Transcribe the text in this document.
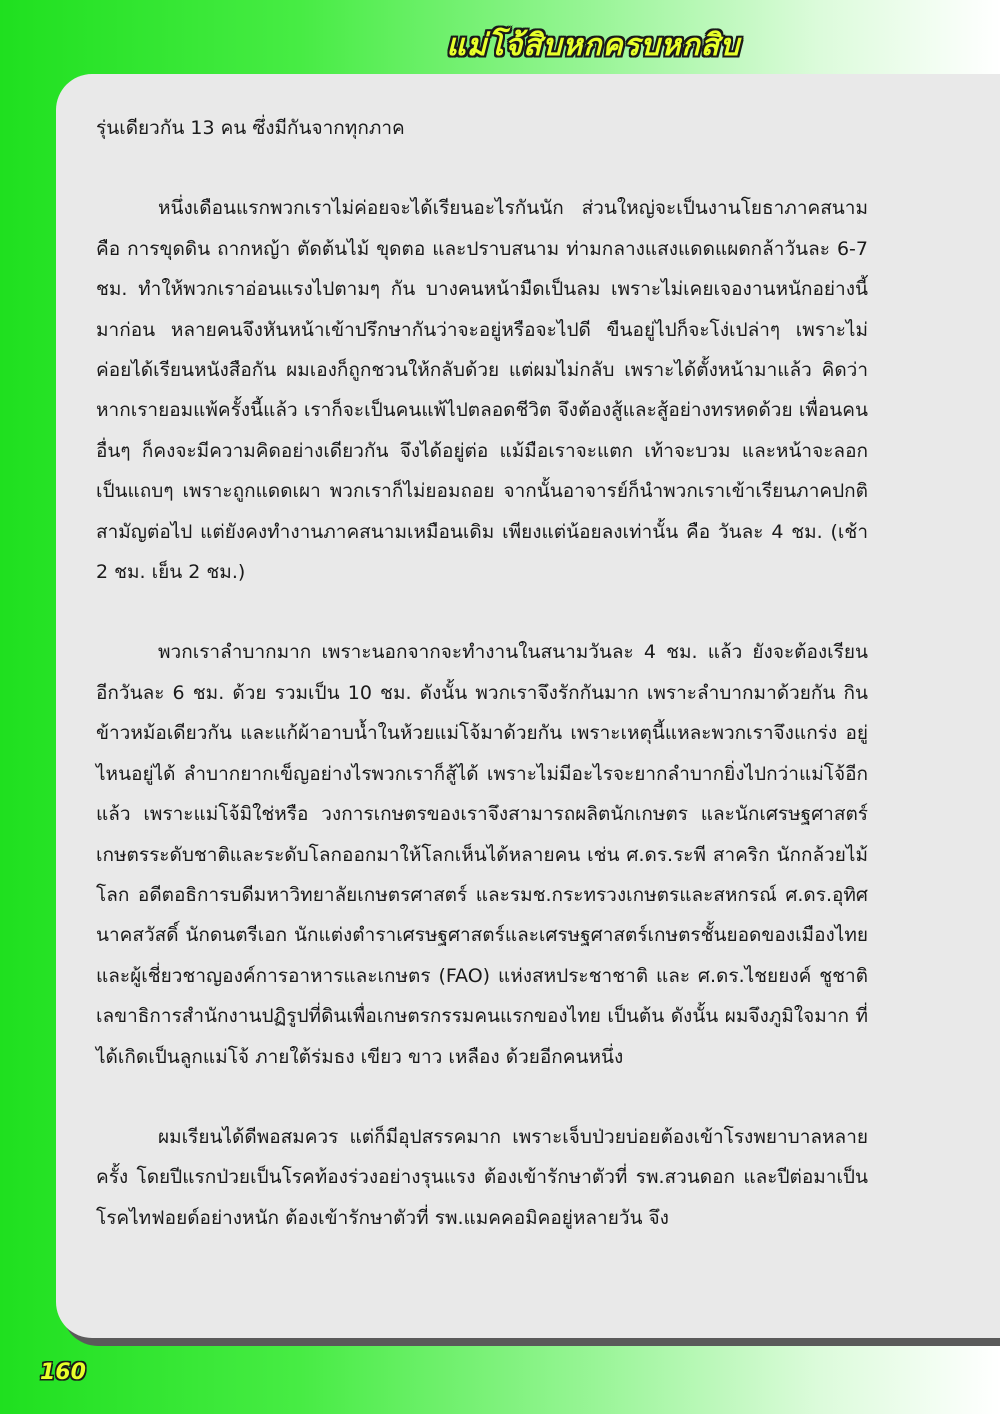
แม่โจ้สิบหกครบหกสิบ

รุ่นเดียวกัน 13 คน ซึ่งมีกันจากทุกภาค

หนึ่งเดือนแรกพวกเราไม่ค่อยจะได้เรียนอะไรกันนัก ส่วนใหญ่จะเป็นงานโยธาภาคสนาม คือ การขุดดิน ถากหญ้า ตัดต้นไม้ ขุดตอ และปราบสนาม ท่ามกลางแสงแดดแผดกล้าวันละ 6-7 ชม. ทำให้พวกเราอ่อนแรงไปตามๆ กัน บางคนหน้ามืดเป็นลม เพราะไม่เคยเจองานหนักอย่างนี้มาก่อน หลายคนจึงหันหน้าเข้าปรึกษากันว่าจะอยู่หรือจะไปดี ขืนอยู่ไปก็จะโง่เปล่าๆ เพราะไม่ค่อยได้เรียนหนังสือกัน ผมเองก็ถูกชวนให้กลับด้วย แต่ผมไม่กลับ เพราะได้ตั้งหน้ามาแล้ว คิดว่าหากเรายอมแพ้ครั้งนี้แล้ว เราก็จะเป็นคนแพ้ไปตลอดชีวิต จึงต้องสู้และสู้อย่างทรหดด้วย เพื่อนคนอื่นๆ ก็คงจะมีความคิดอย่างเดียวกัน จึงได้อยู่ต่อ แม้มือเราจะแตก เท้าจะบวม และหน้าจะลอกเป็นแถบๆ เพราะถูกแดดเผา พวกเราก็ไม่ยอมถอย จากนั้นอาจารย์ก็นำพวกเราเข้าเรียนภาคปกติสามัญต่อไป แต่ยังคงทำงานภาคสนามเหมือนเดิม เพียงแต่น้อยลงเท่านั้น คือ วันละ 4 ชม. (เช้า 2 ชม. เย็น 2 ชม.)

พวกเราลำบากมาก เพราะนอกจากจะทำงานในสนามวันละ 4 ชม. แล้ว ยังจะต้องเรียนอีกวันละ 6 ชม. ด้วย รวมเป็น 10 ชม. ดังนั้น พวกเราจึงรักกันมาก เพราะลำบากมาด้วยกัน กินข้าวหม้อเดียวกัน และแก้ผ้าอาบน้ำในห้วยแม่โจ้มาด้วยกัน เพราะเหตุนี้แหละพวกเราจึงแกร่ง อยู่ไหนอยู่ได้ ลำบากยากเข็ญอย่างไรพวกเราก็สู้ได้ เพราะไม่มีอะไรจะยากลำบากยิ่งไปกว่าแม่โจ้อีกแล้ว เพราะแม่โจ้มิใช่หรือ วงการเกษตรของเราจึงสามารถผลิตนักเกษตร และนักเศรษฐศาสตร์เกษตรระดับชาติและระดับโลกออกมาให้โลกเห็นได้หลายคน เช่น ศ.ดร.ระพี สาคริก นักกล้วยไม้โลก อดีตอธิการบดีมหาวิทยาลัยเกษตรศาสตร์ และรมช.กระทรวงเกษตรและสหกรณ์ ศ.ดร.อุทิศ นาคสวัสดิ์ นักดนตรีเอก นักแต่งตำราเศรษฐศาสตร์และเศรษฐศาสตร์เกษตรชั้นยอดของเมืองไทย และผู้เชี่ยวชาญองค์การอาหารและเกษตร (FAO) แห่งสหประชาชาติ และ ศ.ดร.ไชยยงค์ ชูชาติ เลขาธิการสำนักงานปฏิรูปที่ดินเพื่อเกษตรกรรมคนแรกของไทย เป็นต้น ดังนั้น ผมจึงภูมิใจมาก ที่ได้เกิดเป็นลูกแม่โจ้ ภายใต้ร่มธง เขียว ขาว เหลือง ด้วยอีกคนหนึ่ง

ผมเรียนได้ดีพอสมควร แต่ก็มีอุปสรรคมาก เพราะเจ็บป่วยบ่อยต้องเข้าโรงพยาบาลหลายครั้ง โดยปีแรกป่วยเป็นโรคท้องร่วงอย่างรุนแรง ต้องเข้ารักษาตัวที่ รพ.สวนดอก และปีต่อมาเป็นโรคไทฟอยด์อย่างหนัก ต้องเข้ารักษาตัวที่ รพ.แมคคอมิคอยู่หลายวัน จึง

160
